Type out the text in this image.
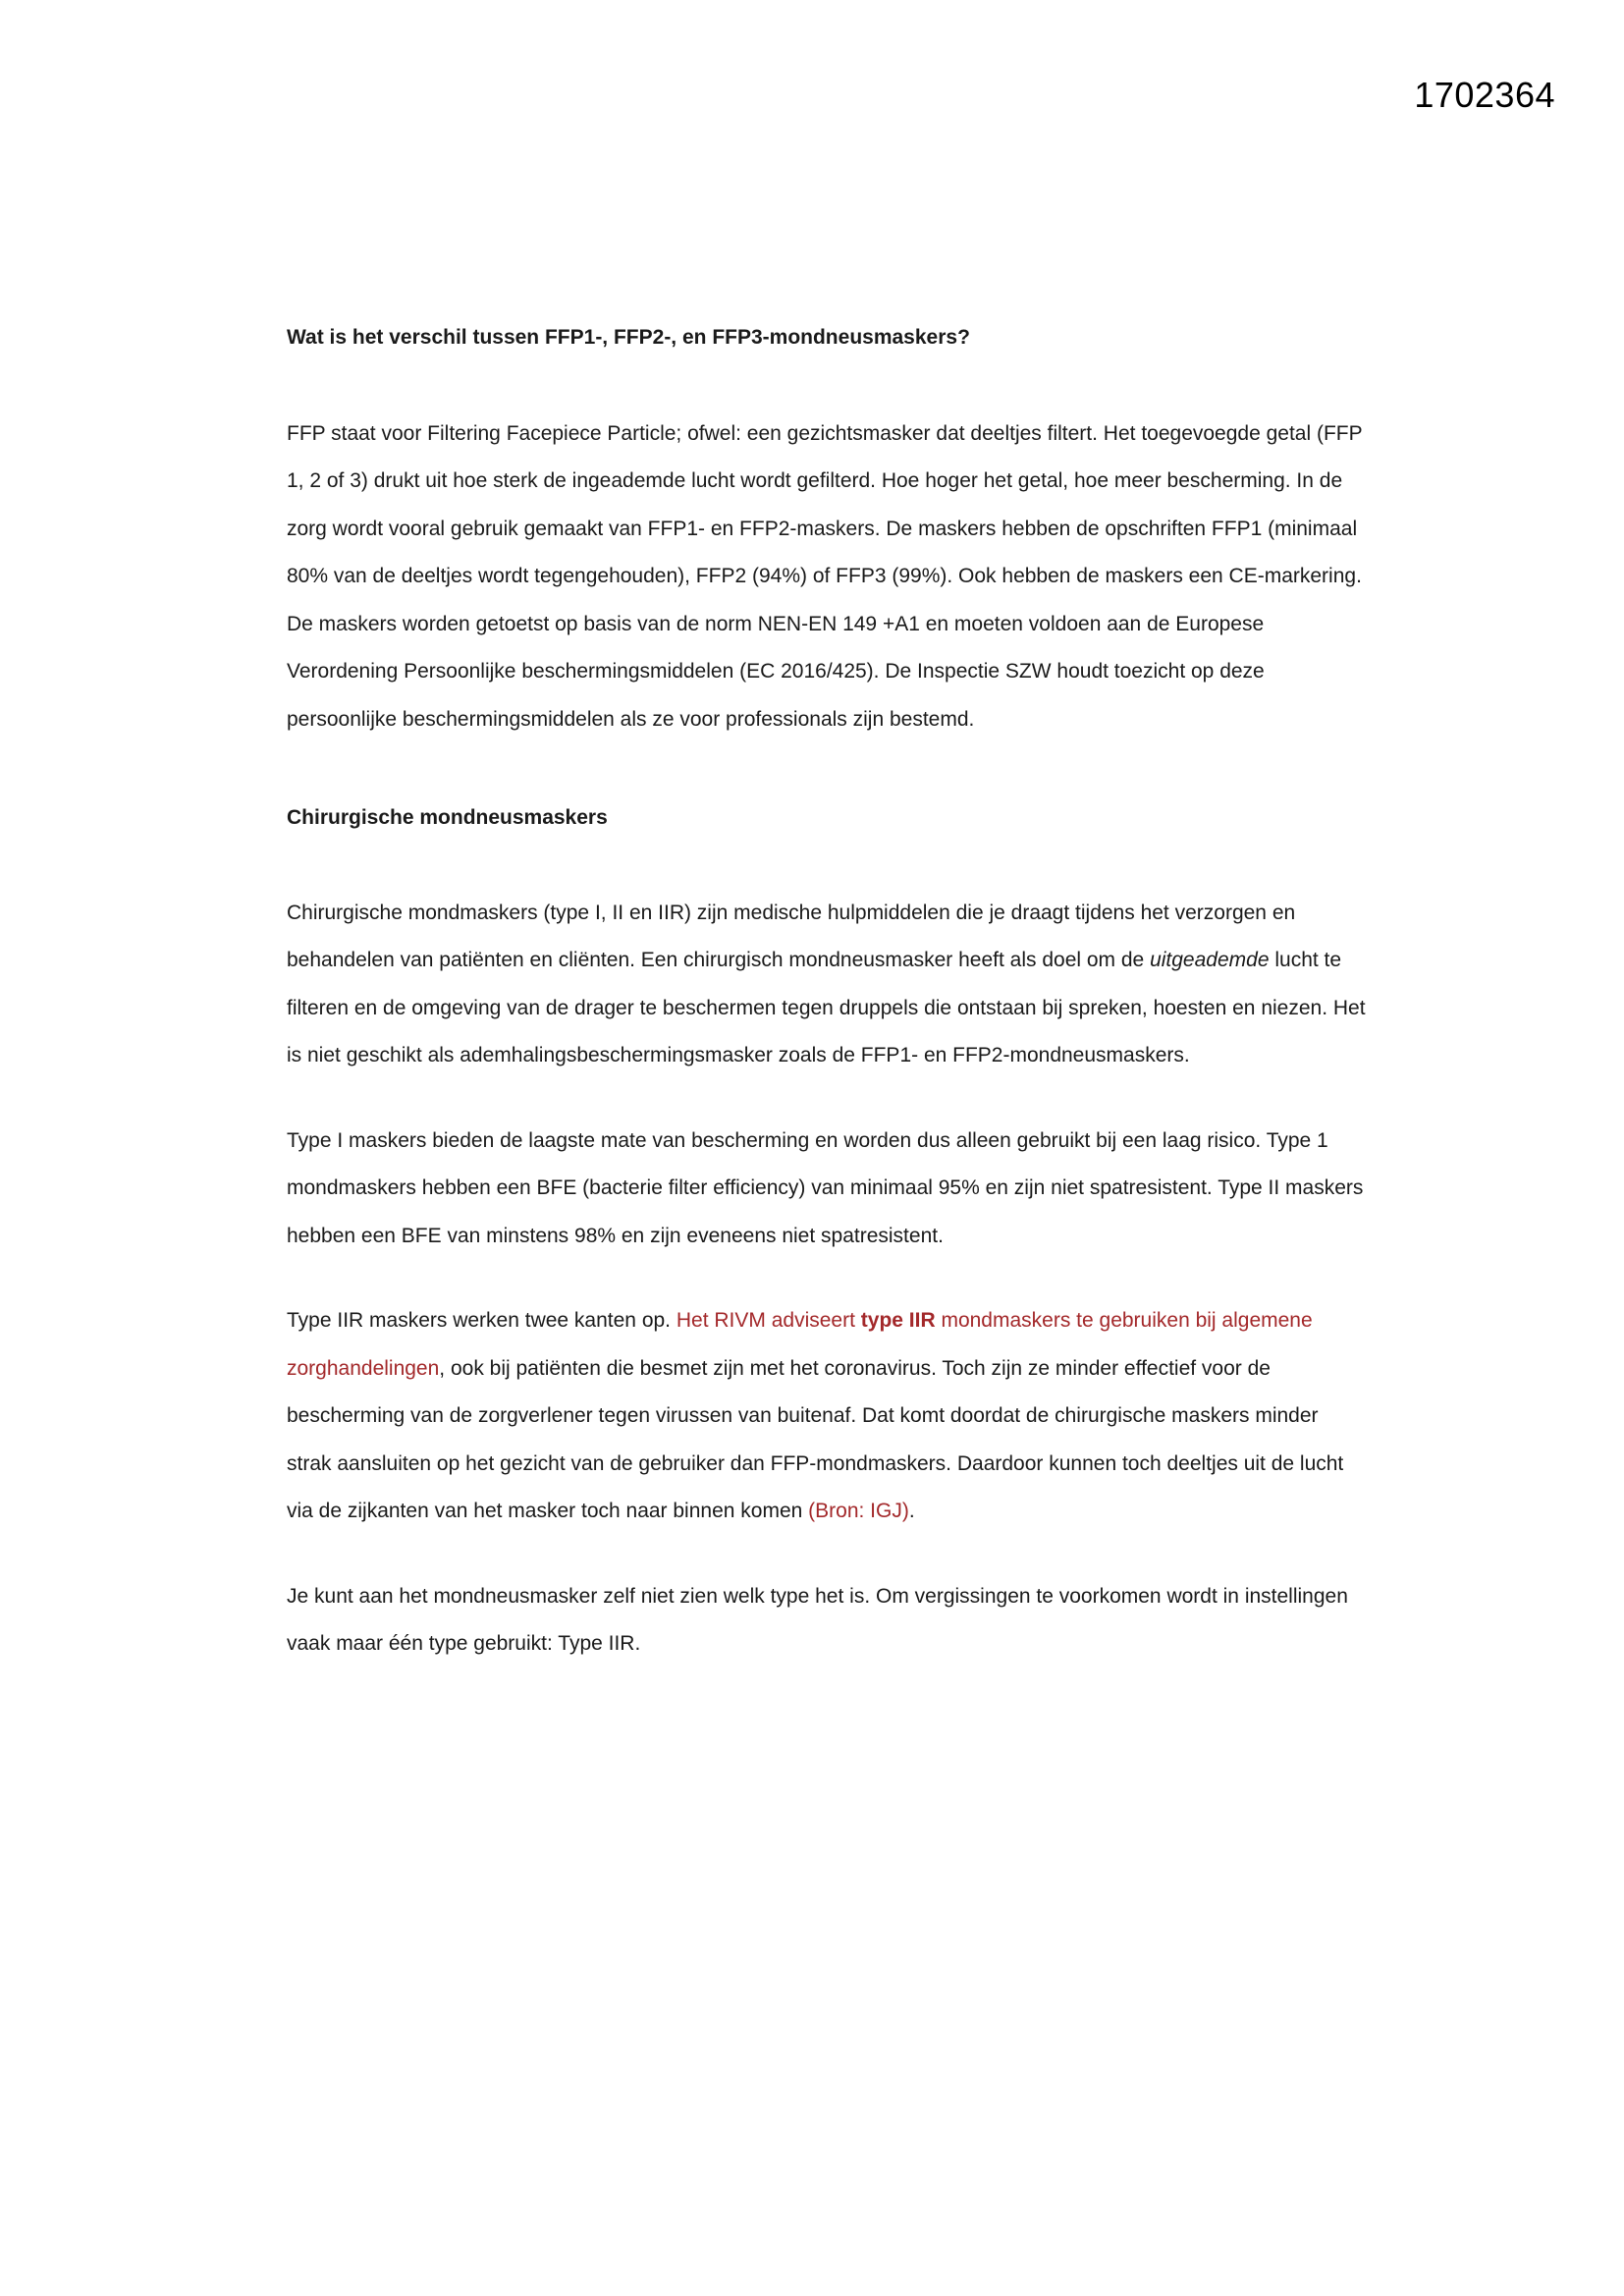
1702364

Wat is het verschil tussen FFP1-, FFP2-, en FFP3-mondneusmaskers?

FFP staat voor Filtering Facepiece Particle; ofwel: een gezichtsmasker dat deeltjes filtert. Het toegevoegde getal (FFP 1, 2 of 3) drukt uit hoe sterk de ingeademde lucht wordt gefilterd. Hoe hoger het getal, hoe meer bescherming. In de zorg wordt vooral gebruik gemaakt van FFP1- en FFP2-maskers. De maskers hebben de opschriften FFP1 (minimaal 80% van de deeltjes wordt tegengehouden), FFP2 (94%) of FFP3 (99%). Ook hebben de maskers een CE-markering. De maskers worden getoetst op basis van de norm NEN-EN 149 +A1 en moeten voldoen aan de Europese Verordening Persoonlijke beschermingsmiddelen (EC 2016/425). De Inspectie SZW houdt toezicht op deze persoonlijke beschermingsmiddelen als ze voor professionals zijn bestemd.

Chirurgische mondneusmaskers

Chirurgische mondmaskers (type I, II en IIR) zijn medische hulpmiddelen die je draagt tijdens het verzorgen en behandelen van patiënten en cliënten. Een chirurgisch mondneusmasker heeft als doel om de uitgeademde lucht te filteren en de omgeving van de drager te beschermen tegen druppels die ontstaan bij spreken, hoesten en niezen. Het is niet geschikt als ademhalingsbeschermingsmasker zoals de FFP1- en FFP2-mondneusmaskers.

Type I maskers bieden de laagste mate van bescherming en worden dus alleen gebruikt bij een laag risico. Type 1 mondmaskers hebben een BFE (bacterie filter efficiency) van minimaal 95% en zijn niet spatresistent. Type II maskers hebben een BFE van minstens 98% en zijn eveneens niet spatresistent.

Type IIR maskers werken twee kanten op. Het RIVM adviseert type IIR mondmaskers te gebruiken bij algemene zorghandelingen, ook bij patiënten die besmet zijn met het coronavirus. Toch zijn ze minder effectief voor de bescherming van de zorgverlener tegen virussen van buitenaf. Dat komt doordat de chirurgische maskers minder strak aansluiten op het gezicht van de gebruiker dan FFP-mondmaskers. Daardoor kunnen toch deeltjes uit de lucht via de zijkanten van het masker toch naar binnen komen (Bron: IGJ).

Je kunt aan het mondneusmasker zelf niet zien welk type het is. Om vergissingen te voorkomen wordt in instellingen vaak maar één type gebruikt: Type IIR.
